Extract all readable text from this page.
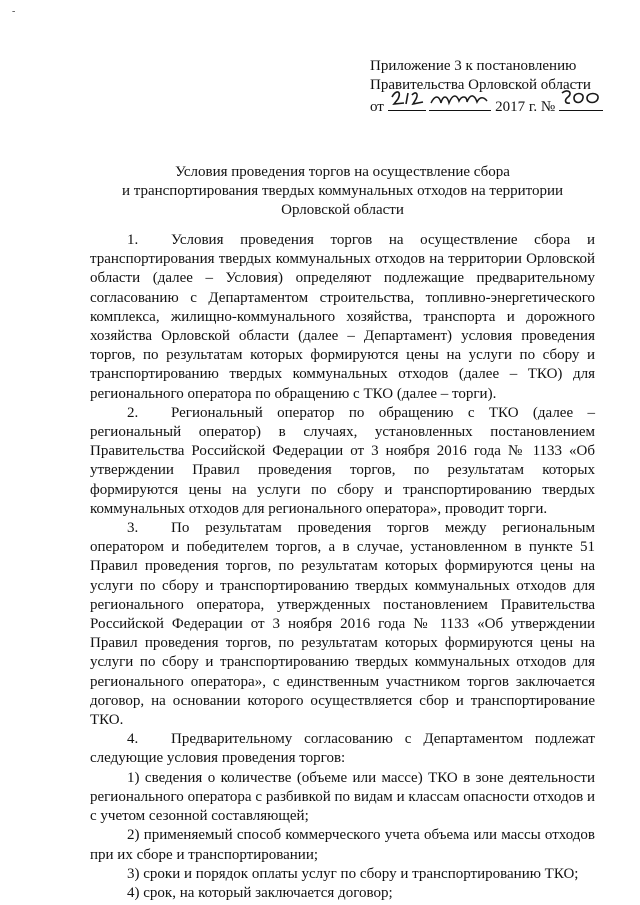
-
Приложение 3 к постановлению
Правительства Орловской области
от
	2017 г. №
Условия проведения торгов на осуществление сбора
и транспортирования твердых коммунальных отходов на территории
Орловской области

1. Условия проведения торгов на осуществление сбора и транспортирования твердых коммунальных отходов на территории Орловской области (далее – Условия) определяют подлежащие предварительному согласованию с Департаментом строительства, топливно-энергетического комплекса, жилищно-коммунального хозяйства, транспорта и дорожного хозяйства Орловской области (далее – Департамент) условия проведения торгов, по результатам которых формируются цены на услуги по сбору и транспортированию твердых коммунальных отходов (далее – ТКО) для регионального оператора по обращению с ТКО (далее – торги).

2. Региональный оператор по обращению с ТКО (далее – региональный оператор) в случаях, установленных постановлением Правительства Российской Федерации от 3 ноября 2016 года № 1133 «Об утверждении Правил проведения торгов, по результатам которых формируются цены на услуги по сбору и транспортированию твердых коммунальных отходов для регионального оператора», проводит торги.

3. По результатам проведения торгов между региональным оператором и победителем торгов, а в случае, установленном в пункте 51 Правил проведения торгов, по результатам которых формируются цены на услуги по сбору и транспортированию твердых коммунальных отходов для регионального оператора, утвержденных постановлением Правительства Российской Федерации от 3 ноября 2016 года № 1133 «Об утверждении Правил проведения торгов, по результатам которых формируются цены на услуги по сбору и транспортированию твердых коммунальных отходов для регионального оператора», с единственным участником торгов заключается договор, на основании которого осуществляется сбор и транспортирование ТКО.

4. Предварительному согласованию с Департаментом подлежат следующие условия проведения торгов:

1) сведения о количестве (объеме или массе) ТКО в зоне деятельности регионального оператора с разбивкой по видам и классам опасности отходов и с учетом сезонной составляющей;

2) применяемый способ коммерческого учета объема или массы отходов при их сборе и транспортировании;

3) сроки и порядок оплаты услуг по сбору и транспортированию ТКО;

4) срок, на который заключается договор;
